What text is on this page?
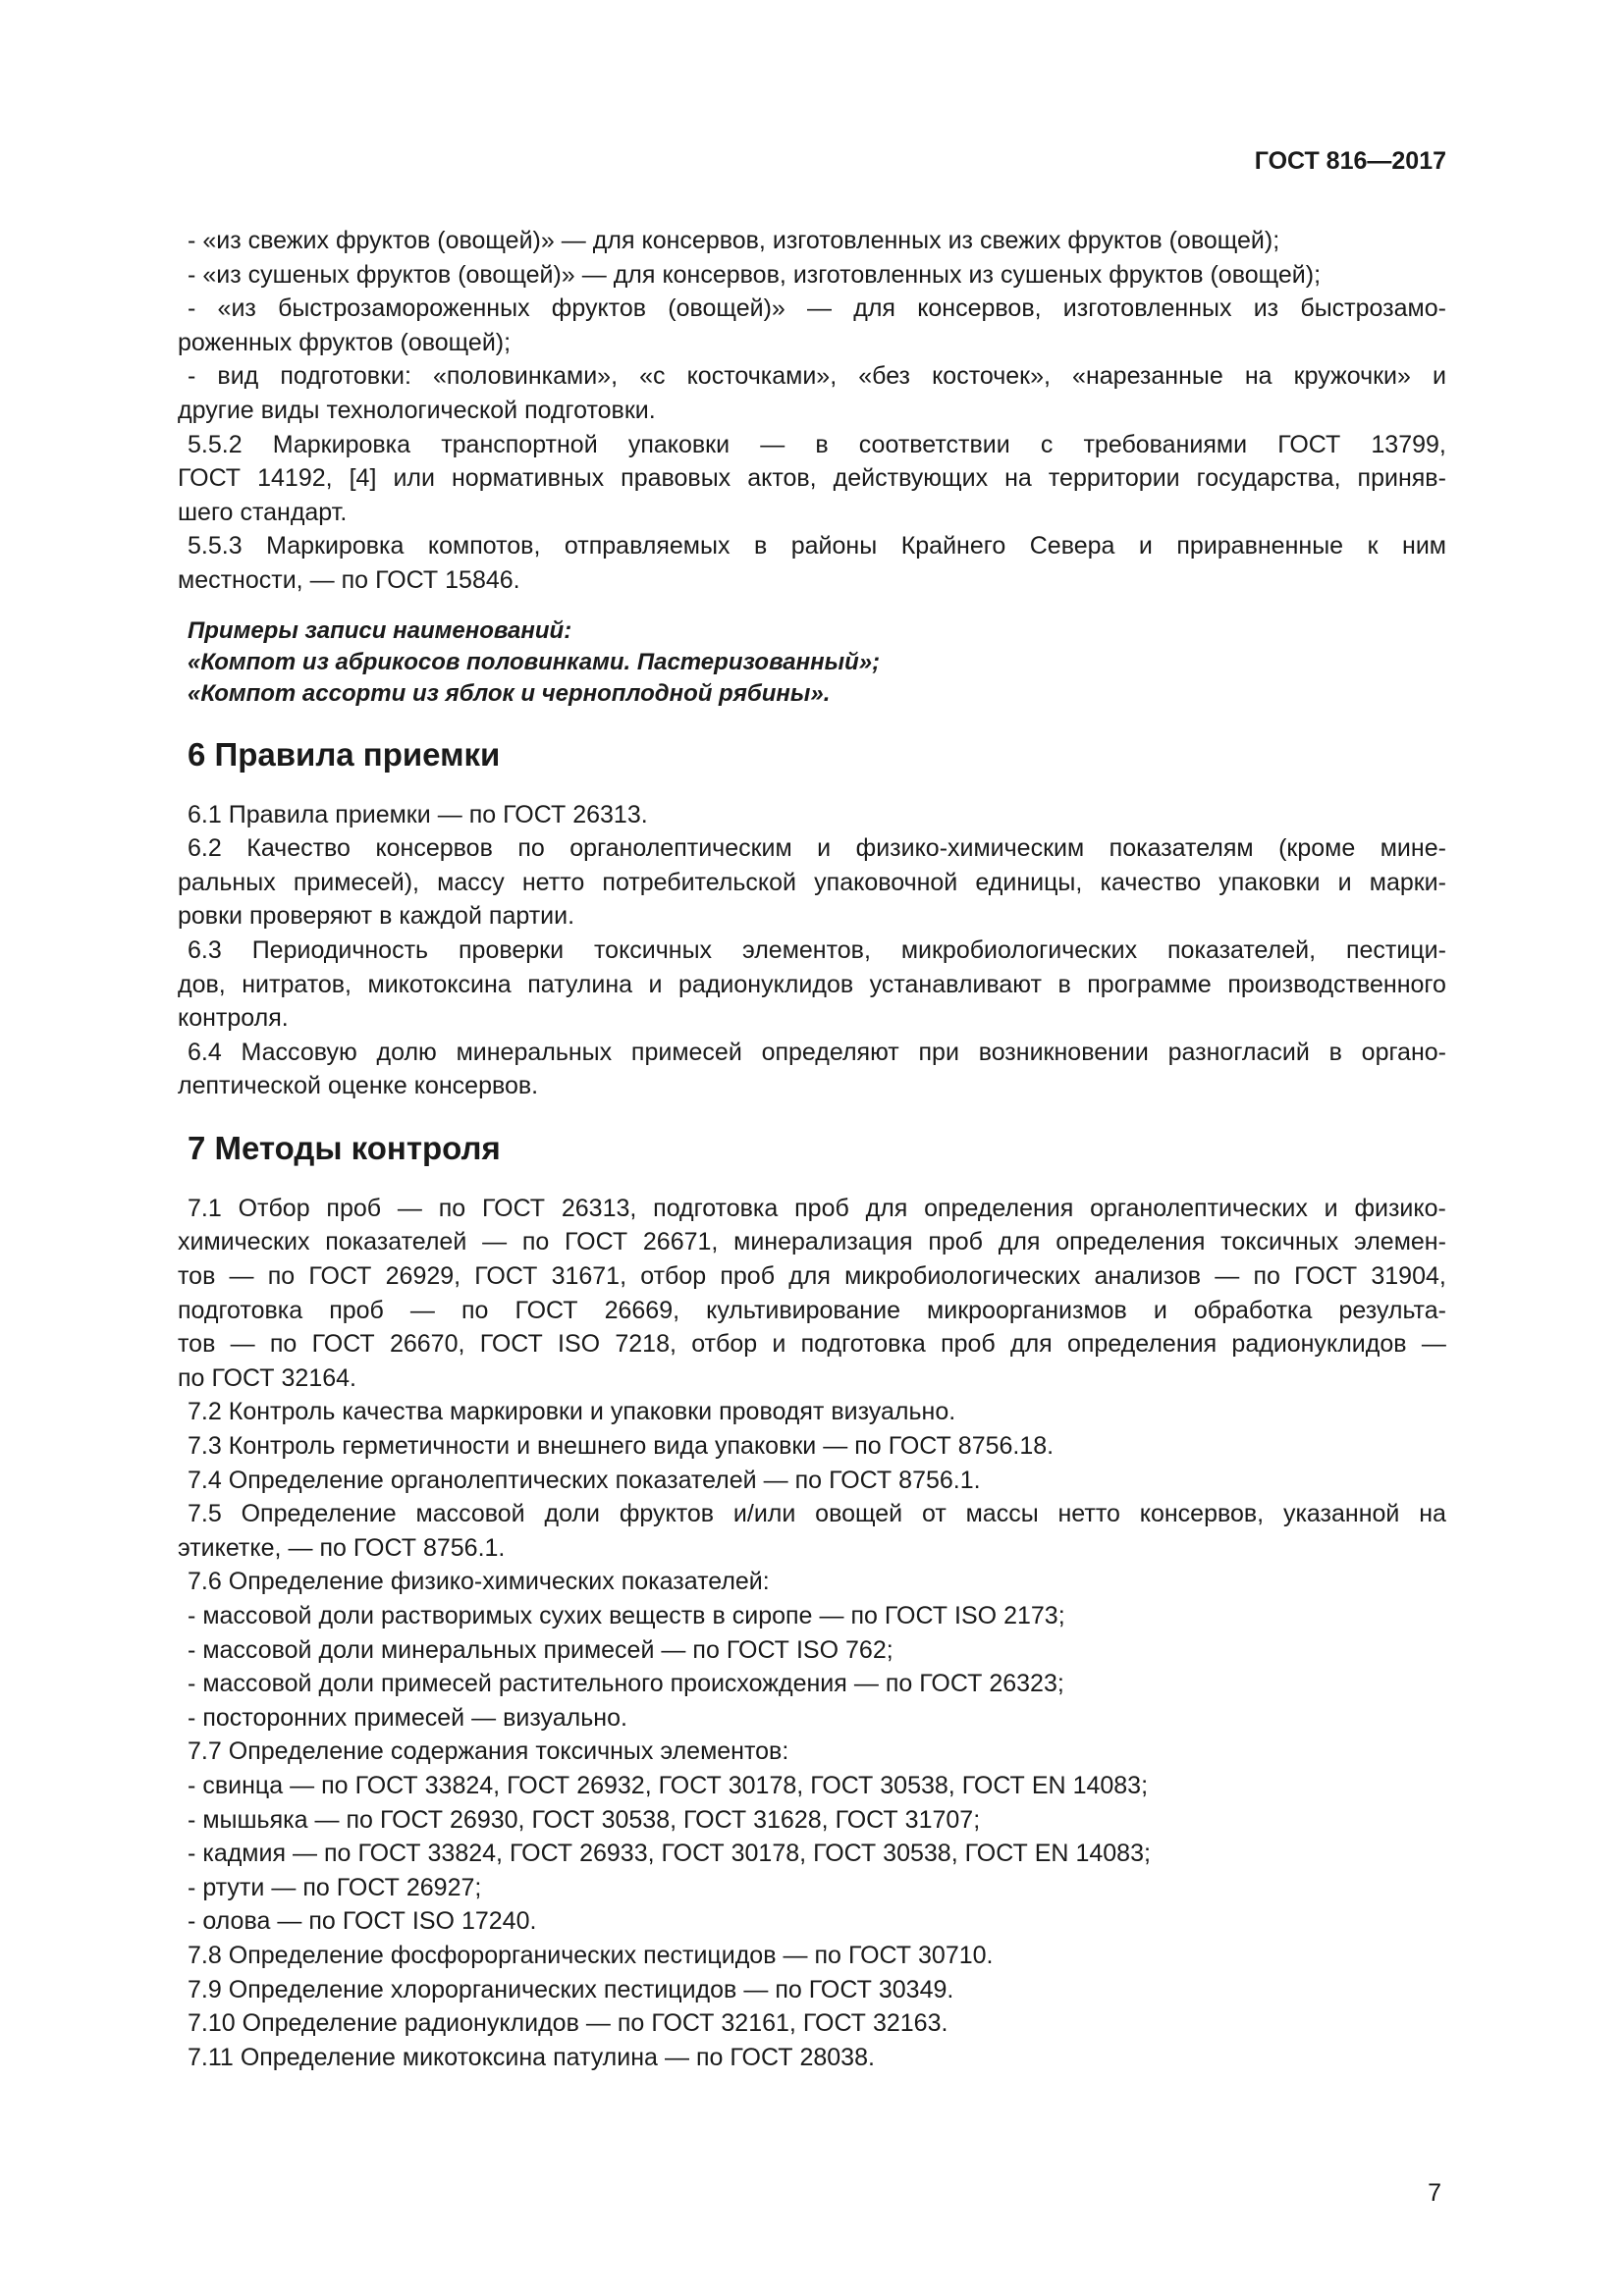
ГОСТ 816—2017
- «из свежих фруктов (овощей)» — для консервов, изготовленных из свежих фруктов (овощей);
- «из сушеных фруктов (овощей)» — для консервов, изготовленных из сушеных фруктов (овощей);
- «из быстрозамороженных фруктов (овощей)» — для консервов, изготовленных из быстрозамо-
роженных фруктов (овощей);
- вид подготовки: «половинками», «с косточками», «без косточек», «нарезанные на кружочки» и
другие виды технологической подготовки.
5.5.2 Маркировка транспортной упаковки — в соответствии с требованиями ГОСТ 13799,
ГОСТ 14192, [4] или нормативных правовых актов, действующих на территории государства, приняв-
шего стандарт.
5.5.3 Маркировка компотов, отправляемых в районы Крайнего Севера и приравненные к ним
местности, — по ГОСТ 15846.
Примеры записи наименований:
«Компот из абрикосов половинками. Пастеризованный»;
«Компот ассорти из яблок и черноплодной рябины».
6 Правила приемки
6.1 Правила приемки — по ГОСТ 26313.
6.2 Качество консервов по органолептическим и физико-химическим показателям (кроме мине-
ральных примесей), массу нетто потребительской упаковочной единицы, качество упаковки и марки-
ровки проверяют в каждой партии.
6.3 Периодичность проверки токсичных элементов, микробиологических показателей, пестици-
дов, нитратов, микотоксина патулина и радионуклидов устанавливают в программе производственного
контроля.
6.4 Массовую долю минеральных примесей определяют при возникновении разногласий в органо-
лептической оценке консервов.
7 Методы контроля
7.1 Отбор проб — по ГОСТ 26313, подготовка проб для определения органолептических и физико-
химических показателей — по ГОСТ 26671, минерализация проб для определения токсичных элемен-
тов — по ГОСТ 26929, ГОСТ 31671, отбор проб для микробиологических анализов — по ГОСТ 31904,
подготовка проб — по ГОСТ 26669, культивирование микроорганизмов и обработка результа-
тов — по ГОСТ 26670, ГОСТ ISO 7218, отбор и подготовка проб для определения радионуклидов —
по ГОСТ 32164.
7.2 Контроль качества маркировки и упаковки проводят визуально.
7.3 Контроль герметичности и внешнего вида упаковки — по ГОСТ 8756.18.
7.4 Определение органолептических показателей — по ГОСТ 8756.1.
7.5 Определение массовой доли фруктов и/или овощей от массы нетто консервов, указанной на
этикетке, — по ГОСТ 8756.1.
7.6 Определение физико-химических показателей:
- массовой доли растворимых сухих веществ в сиропе — по ГОСТ ISO 2173;
- массовой доли минеральных примесей — по ГОСТ ISO 762;
- массовой доли примесей растительного происхождения — по ГОСТ 26323;
- посторонних примесей — визуально.
7.7 Определение содержания токсичных элементов:
- свинца — по ГОСТ 33824, ГОСТ 26932, ГОСТ 30178, ГОСТ 30538, ГОСТ EN 14083;
- мышьяка — по ГОСТ 26930, ГОСТ 30538, ГОСТ 31628, ГОСТ 31707;
- кадмия — по ГОСТ 33824, ГОСТ 26933, ГОСТ 30178, ГОСТ 30538, ГОСТ EN 14083;
- ртути — по ГОСТ 26927;
- олова — по ГОСТ ISO 17240.
7.8 Определение фосфорорганических пестицидов — по ГОСТ 30710.
7.9 Определение хлорорганических пестицидов — по ГОСТ 30349.
7.10 Определение радионуклидов — по ГОСТ 32161, ГОСТ 32163.
7.11 Определение микотоксина патулина — по ГОСТ 28038.
7
